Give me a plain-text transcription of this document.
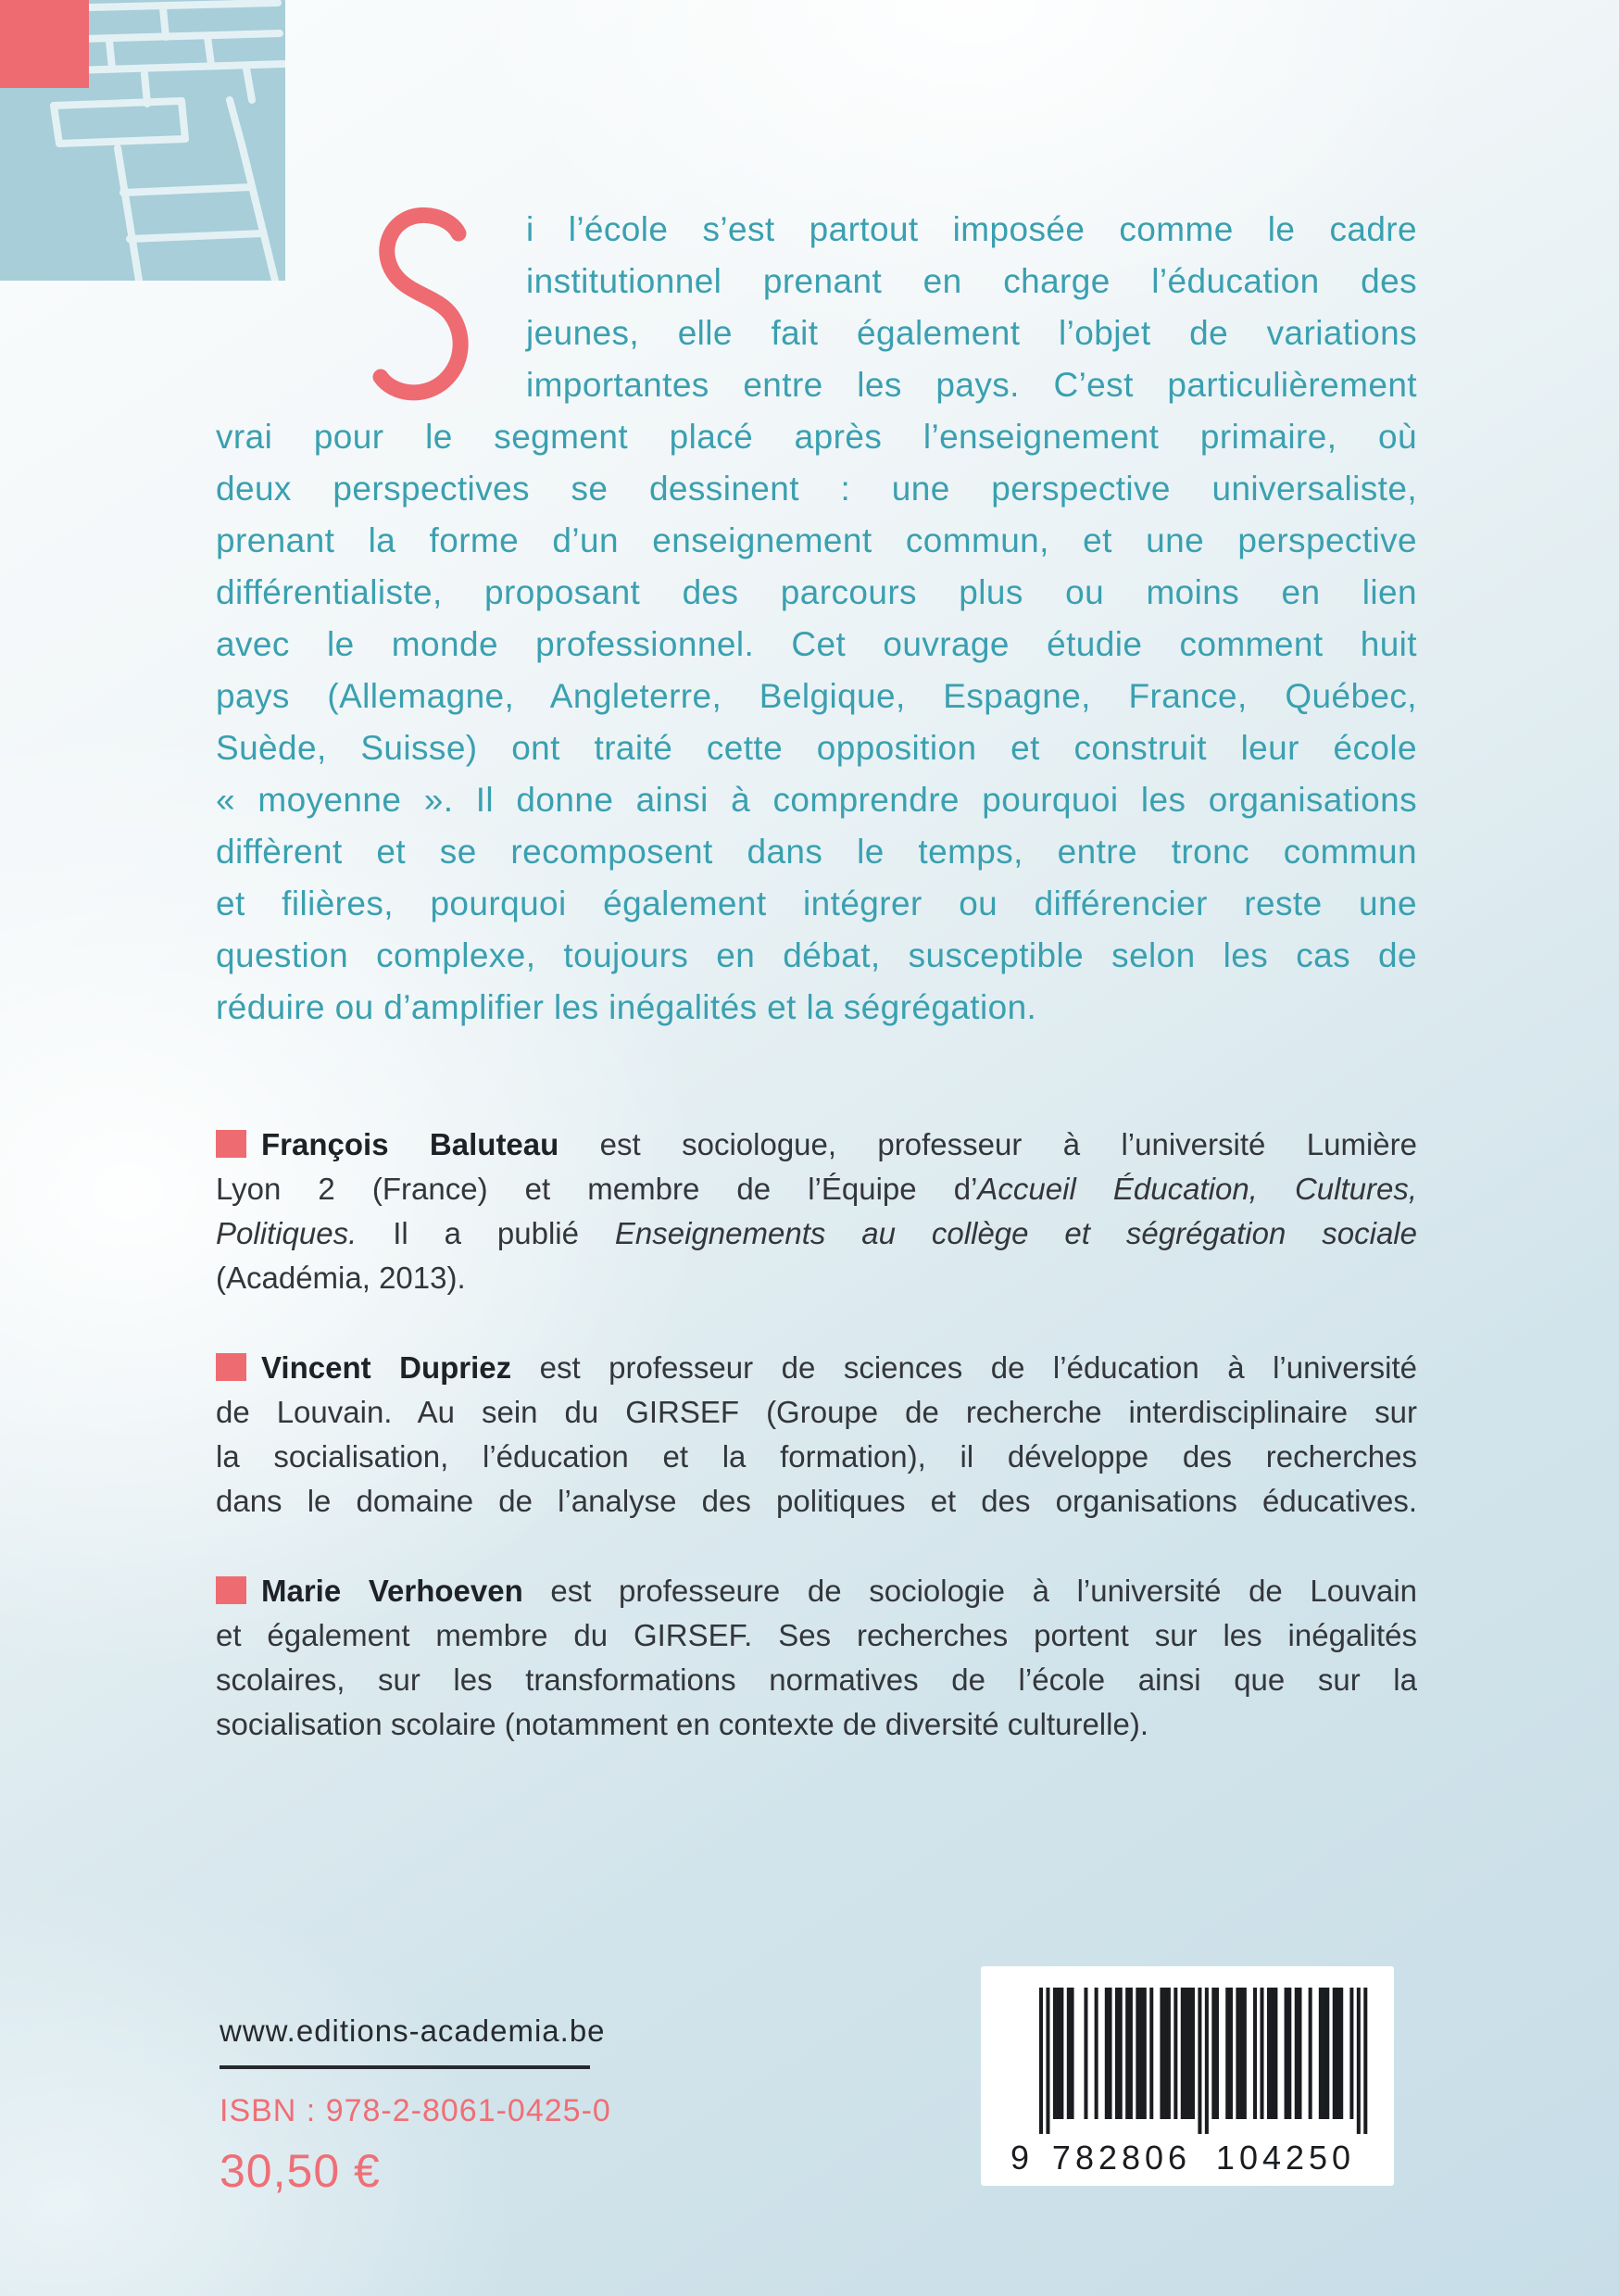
i l’école s’est partout imposée comme le cadre
institutionnel prenant en charge l’éducation des
jeunes, elle fait également l’objet de variations
importantes entre les pays. C’est particulièrement
vrai pour le segment placé après l’enseignement primaire, où
deux perspectives se dessinent : une perspective universaliste,
prenant la forme d’un enseignement commun, et une perspective
différentialiste, proposant des parcours plus ou moins en lien
avec le monde professionnel. Cet ouvrage étudie comment huit
pays (Allemagne, Angleterre, Belgique, Espagne, France, Québec,
Suède, Suisse) ont traité cette opposition et construit leur école
« moyenne ». Il donne ainsi à comprendre pourquoi les organisations
diffèrent et se recomposent dans le temps, entre tronc commun
et filières, pourquoi également intégrer ou différencier reste une
question complexe, toujours en débat, susceptible selon les cas de
réduire ou d’amplifier les inégalités et la ségrégation.
François Baluteau est sociologue, professeur à l’université Lumière
Lyon 2 (France) et membre de l’Équipe d’Accueil Éducation, Cultures,
Politiques. Il a publié Enseignements au collège et ségrégation sociale
(Académia, 2013).
Vincent Dupriez est professeur de sciences de l’éducation à l’université
de Louvain. Au sein du GIRSEF (Groupe de recherche interdisciplinaire sur
la socialisation, l’éducation et la formation), il développe des recherches
dans le domaine de l’analyse des politiques et des organisations éducatives.
Marie Verhoeven est professeure de sociologie à l’université de Louvain
et également membre du GIRSEF. Ses recherches portent sur les inégalités
scolaires, sur les transformations normatives de l’école ainsi que sur la
socialisation scolaire (notamment en contexte de diversité culturelle).
www.editions-academia.be
ISBN : 978-2-8061-0425-0
30,50 €	9 782806 104250
